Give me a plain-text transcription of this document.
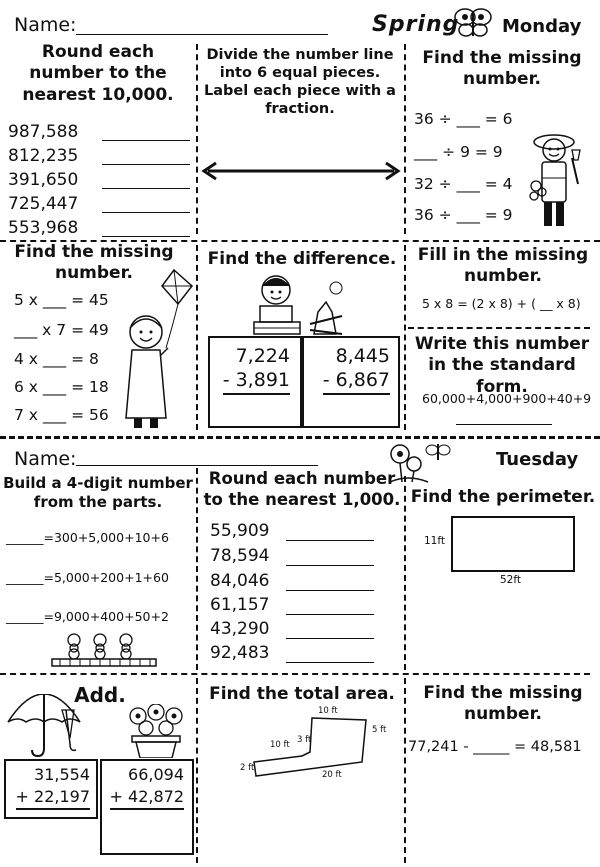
Name:	Spring Monday
Round each number to the nearest 10,000.
987,588
812,235
391,650
725,447
553,968
Divide the number line into 6 equal pieces. Label each piece with a fraction.
Find the missing number.
36 ÷ ___ = 6
___ ÷ 9 = 9
32 ÷ ___ = 4
36 ÷ ___ = 9
Find the missing number.
5 x ___ = 45
___ x 7 = 49
4 x ___ = 8
6 x ___ = 18
7 x ___ = 56
Find the difference.
7,224
- 3,891
8,445
- 6,867
Fill in the missing number.
5 x 8 = (2 x 8) + ( __ x 8)
Write this number in the standard form.
60,000+4,000+900+40+9
Name:	Tuesday
Build a 4-digit number from the parts.
______=300+5,000+10+6
______=5,000+200+1+60
______=9,000+400+50+2
Round each number to the nearest 1,000.
55,909
78,594
84,046
61,157
43,290
92,483
Find the perimeter.
11ft
52ft
Add.
31,554
+ 22,197
66,094
+ 42,872
Find the total area.
10 ft
5 ft
10 ft 3 ft
2 ft
20 ft
Find the missing number.
77,241 - _____ = 48,581
